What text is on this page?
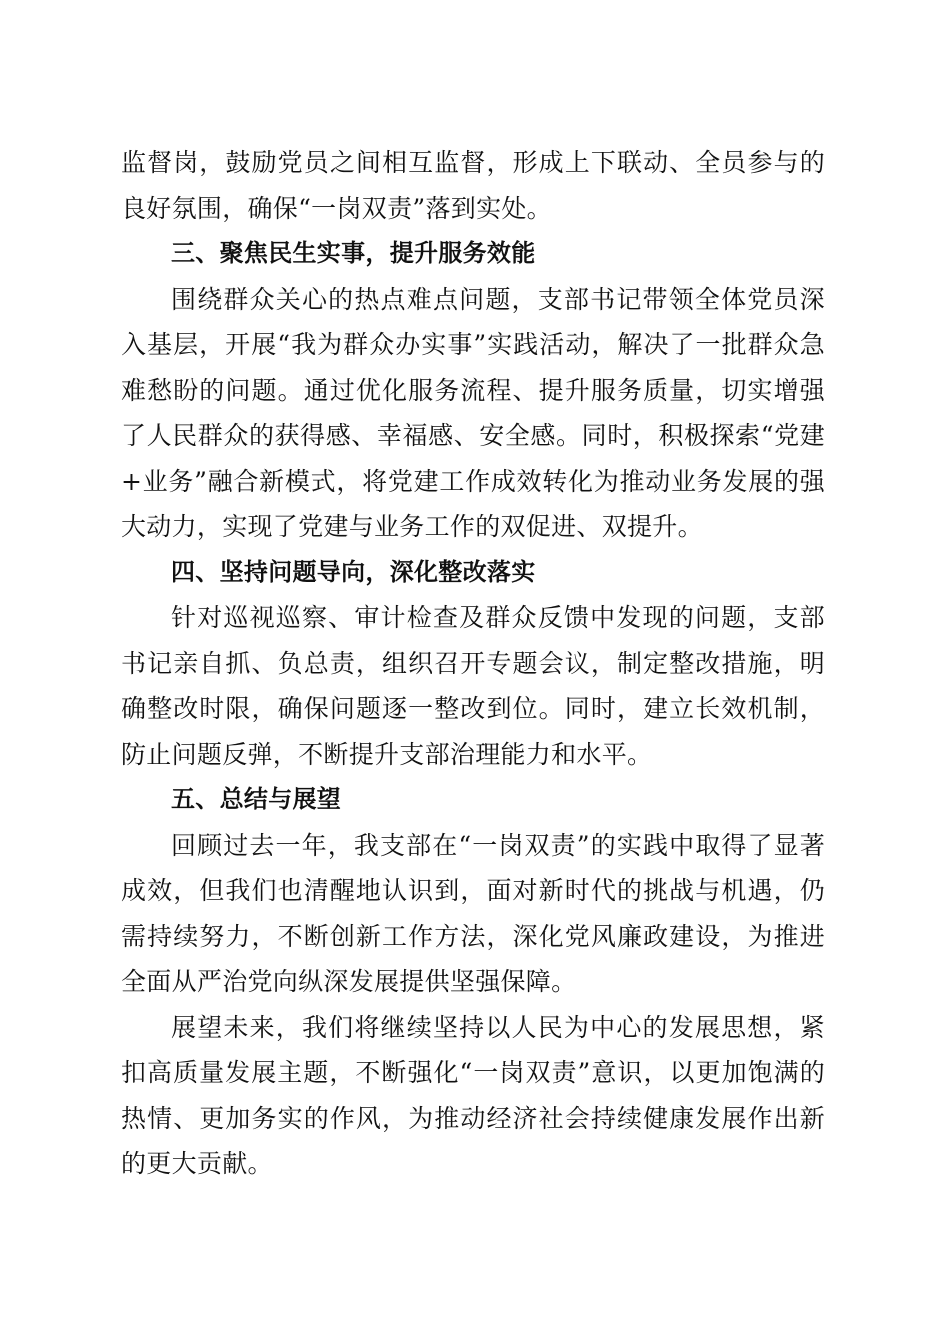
监督岗，鼓励党员之间相互监督，形成上下联动、全员参与的良好氛围，确保“一岗双责”落到实处。

三、聚焦民生实事，提升服务效能

围绕群众关心的热点难点问题，支部书记带领全体党员深入基层，开展“我为群众办实事”实践活动，解决了一批群众急难愁盼的问题。通过优化服务流程、提升服务质量，切实增强了人民群众的获得感、幸福感、安全感。同时，积极探索“党建+业务”融合新模式，将党建工作成效转化为推动业务发展的强大动力，实现了党建与业务工作的双促进、双提升。

四、坚持问题导向，深化整改落实

针对巡视巡察、审计检查及群众反馈中发现的问题，支部书记亲自抓、负总责，组织召开专题会议，制定整改措施，明确整改时限，确保问题逐一整改到位。同时，建立长效机制，防止问题反弹，不断提升支部治理能力和水平。

五、总结与展望

回顾过去一年，我支部在“一岗双责”的实践中取得了显著成效，但我们也清醒地认识到，面对新时代的挑战与机遇，仍需持续努力，不断创新工作方法，深化党风廉政建设，为推进全面从严治党向纵深发展提供坚强保障。

展望未来，我们将继续坚持以人民为中心的发展思想，紧扣高质量发展主题，不断强化“一岗双责”意识，以更加饱满的热情、更加务实的作风，为推动经济社会持续健康发展作出新的更大贡献。
